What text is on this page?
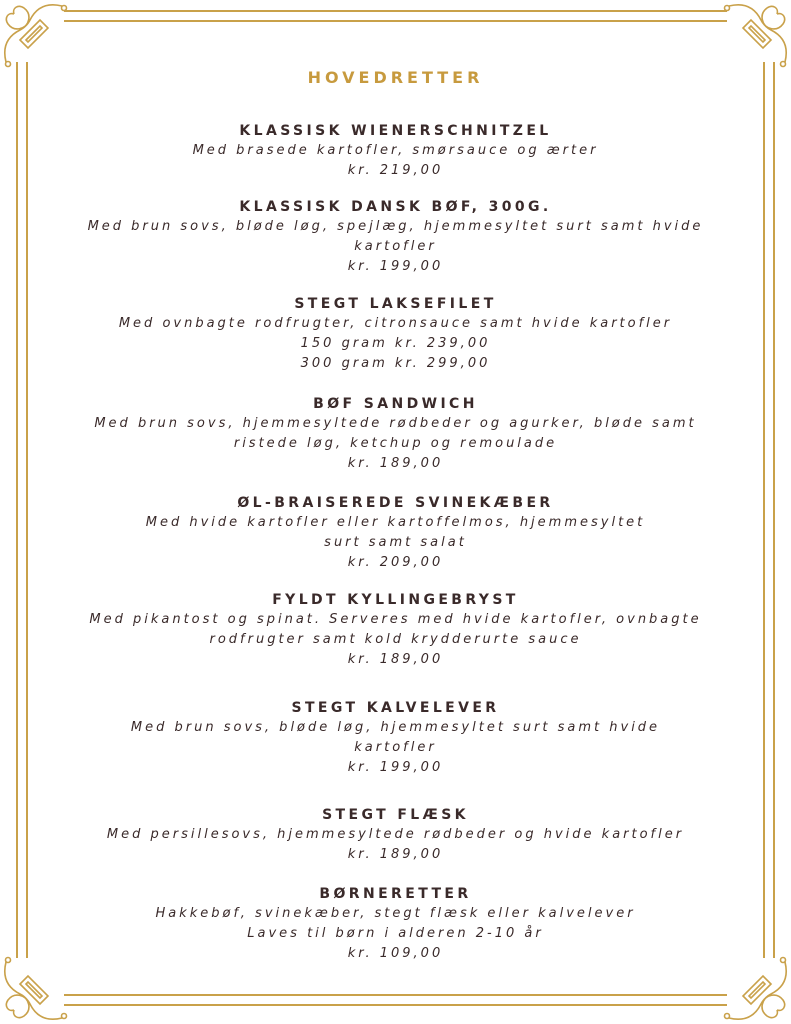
HOVEDRETTER
KLASSISK WIENERSCHNITZEL
Med brasede kartofler, smørsauce og ærter
kr. 219,00
KLASSISK DANSK BØF, 300G.
Med brun sovs, bløde løg, spejlæg, hjemmesyltet surt samt hvide
kartofler
kr. 199,00
STEGT LAKSEFILET
Med ovnbagte rodfrugter, citronsauce samt hvide kartofler
150 gram kr. 239,00
300 gram kr. 299,00
BØF SANDWICH
Med brun sovs, hjemmesyltede rødbeder og agurker, bløde samt
ristede løg, ketchup og remoulade
kr. 189,00
ØL-BRAISEREDE SVINEKÆBER
Med hvide kartofler eller kartoffelmos, hjemmesyltet
surt samt salat
kr. 209,00
FYLDT KYLLINGEBRYST
Med pikantost og spinat. Serveres med hvide kartofler, ovnbagte
rodfrugter samt kold krydderurte sauce
kr. 189,00
STEGT KALVELEVER
Med brun sovs, bløde løg, hjemmesyltet surt samt hvide
kartofler
kr. 199,00
STEGT FLÆSK
Med persillesovs, hjemmesyltede rødbeder og hvide kartofler
kr. 189,00
BØRNERETTER
Hakkebøf, svinekæber, stegt flæsk eller kalvelever
Laves til børn i alderen 2-10 år
kr. 109,00
